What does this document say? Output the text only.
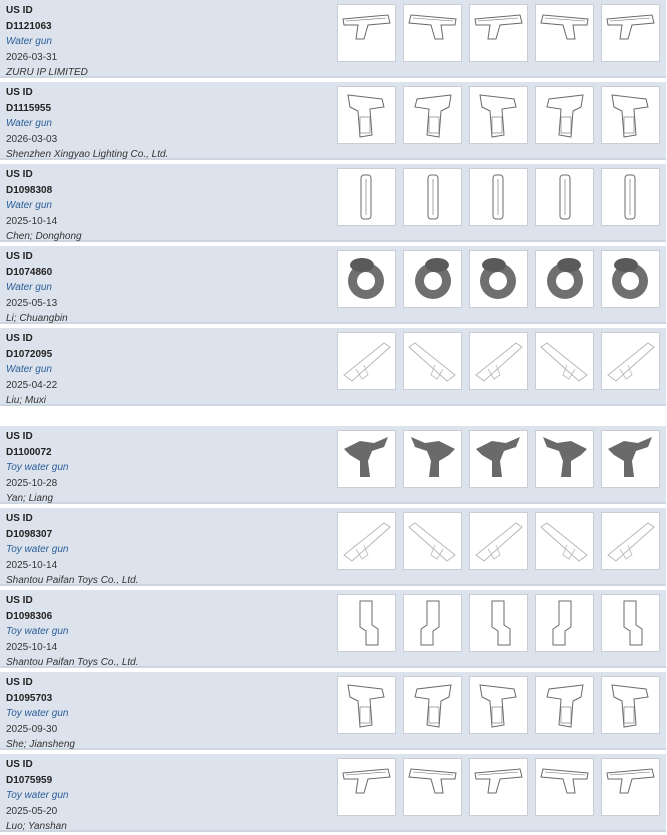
US ID
D1121063
Water gun
2026-03-31
ZURU IP LIMITED
US ID
D1115955
Water gun
2026-03-03
Shenzhen Xingyao Lighting Co., Ltd.
US ID
D1098308
Water gun
2025-10-14
Chen; Donghong
US ID
D1074860
Water gun
2025-05-13
Li; Chuangbin
US ID
D1072095
Water gun
2025-04-22
Liu; Muxi
US ID
D1100072
Toy water gun
2025-10-28
Yan; Liang
US ID
D1098307
Toy water gun
2025-10-14
Shantou Paifan Toys Co., Ltd.
US ID
D1098306
Toy water gun
2025-10-14
Shantou Paifan Toys Co., Ltd.
US ID
D1095703
Toy water gun
2025-09-30
She; Jiansheng
US ID
D1075959
Toy water gun
2025-05-20
Luo; Yanshan
